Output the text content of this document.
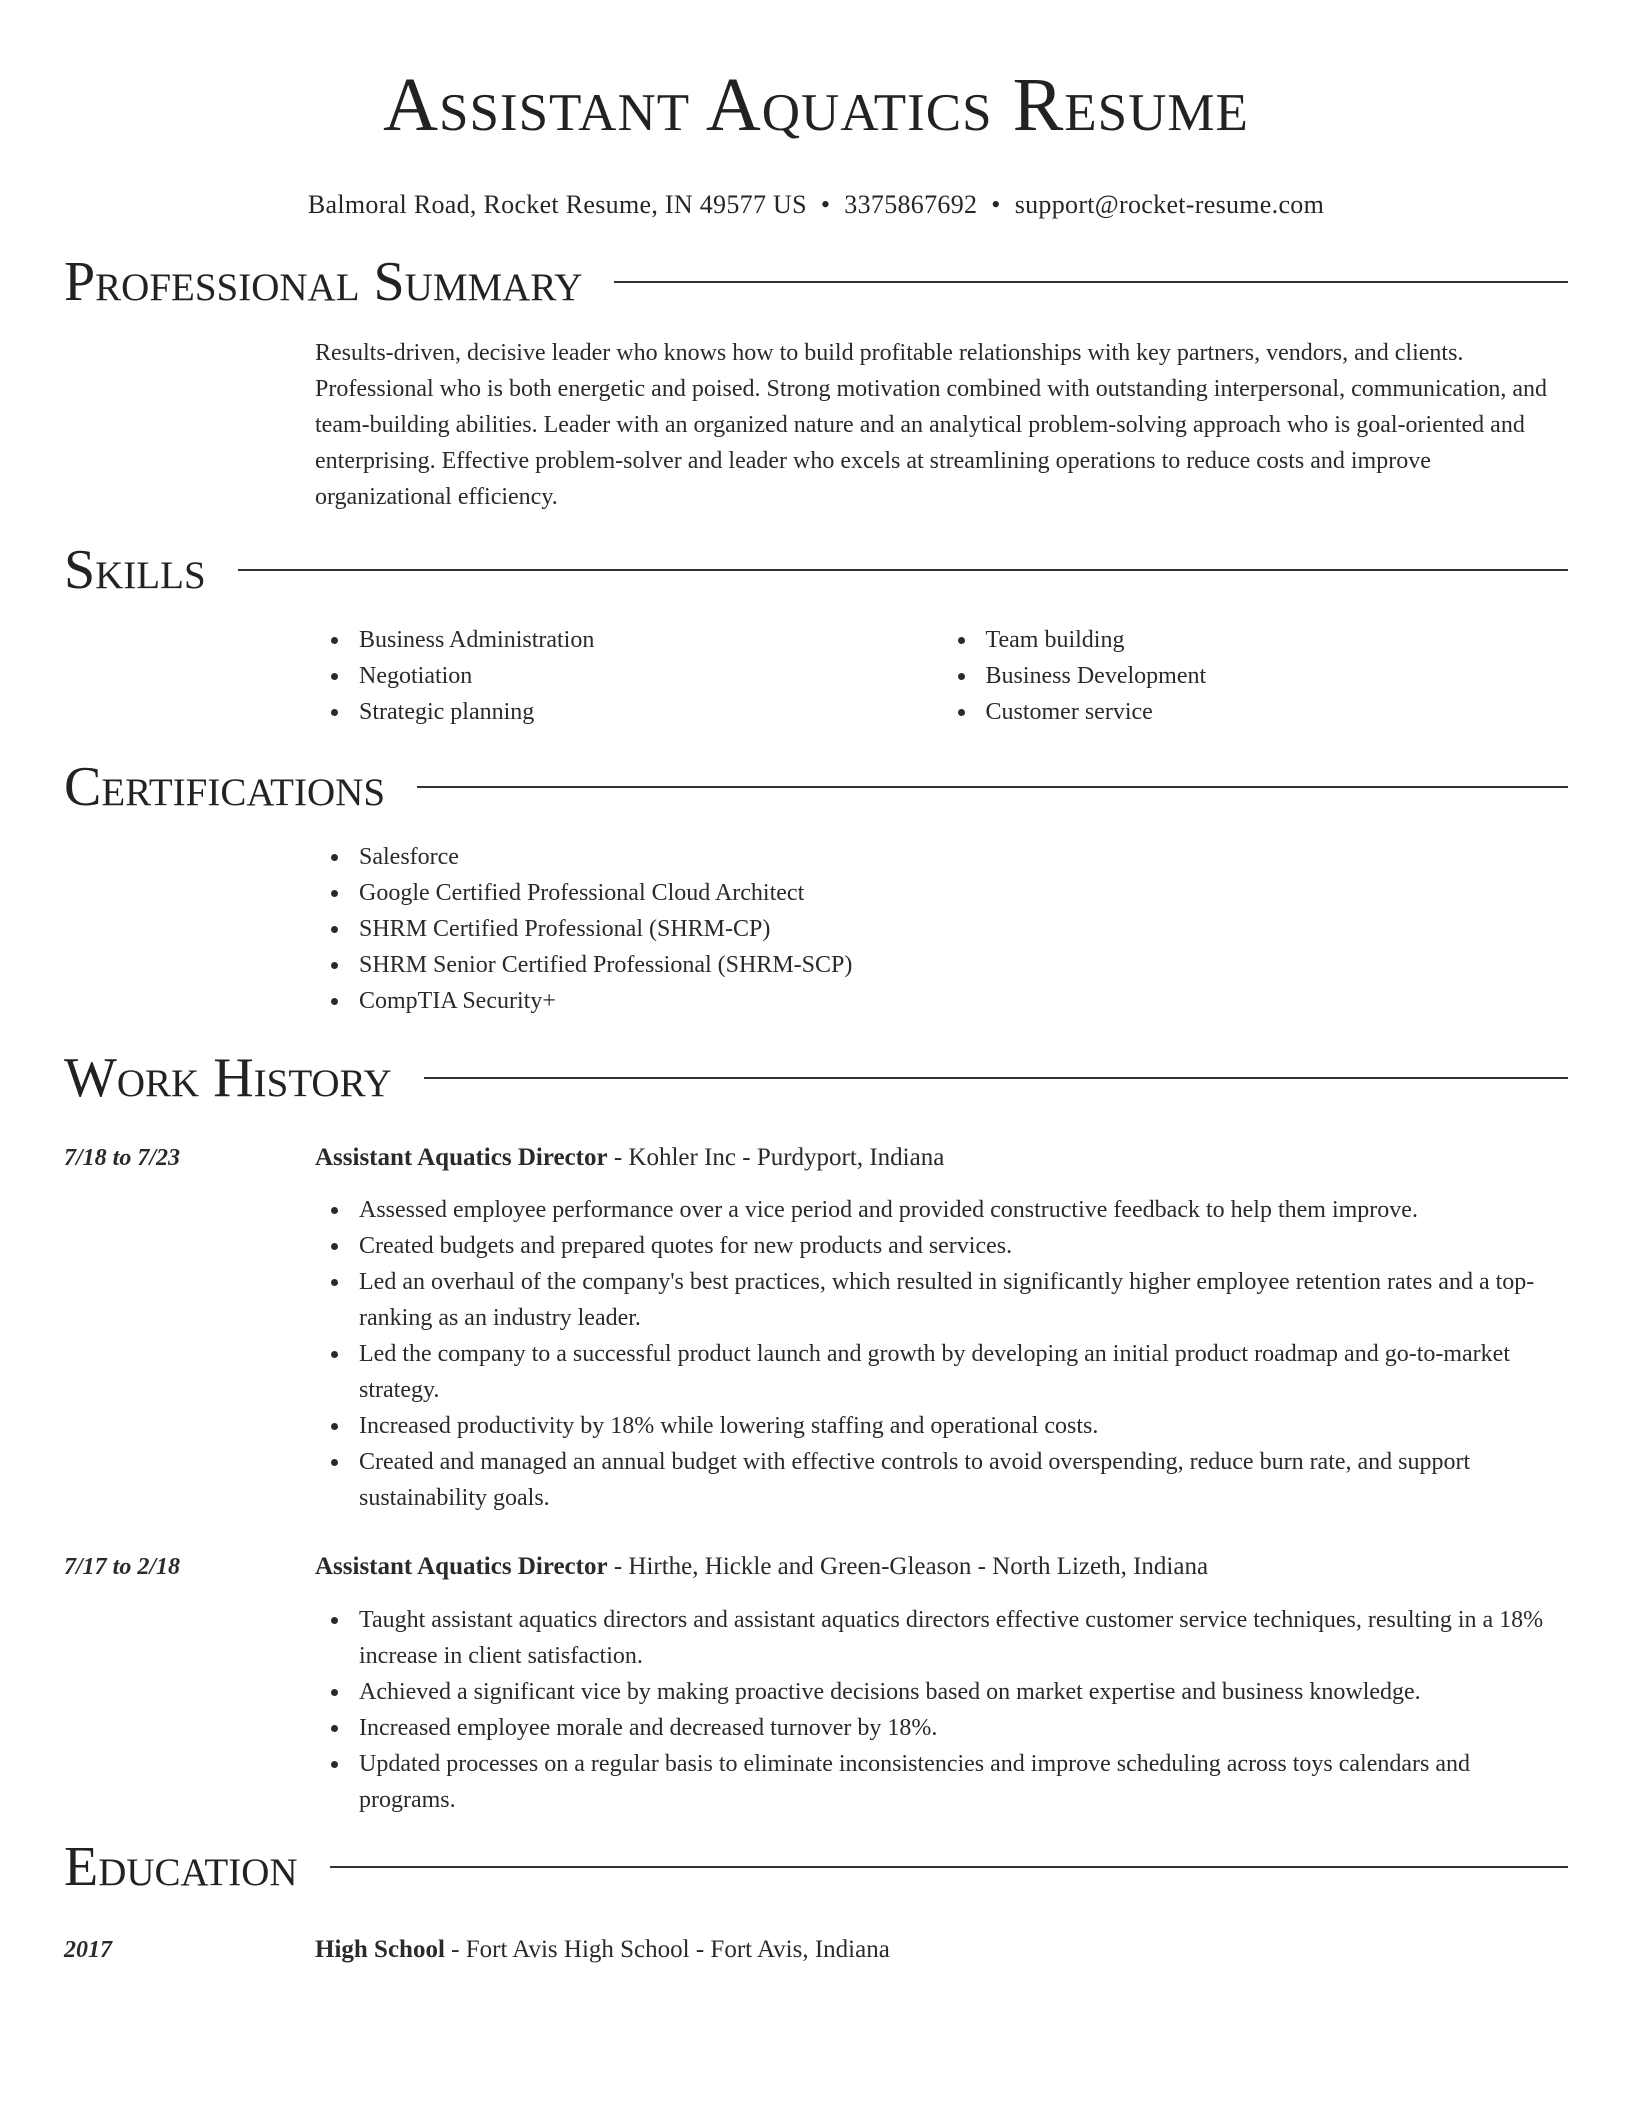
Assistant Aquatics Resume
Balmoral Road, Rocket Resume, IN 49577 US • 3375867692 • support@rocket-resume.com
Professional Summary
Results-driven, decisive leader who knows how to build profitable relationships with key partners, vendors, and clients. Professional who is both energetic and poised. Strong motivation combined with outstanding interpersonal, communication, and team-building abilities. Leader with an organized nature and an analytical problem-solving approach who is goal-oriented and enterprising. Effective problem-solver and leader who excels at streamlining operations to reduce costs and improve organizational efficiency.
Skills
Business Administration
Negotiation
Strategic planning
Team building
Business Development
Customer service
Certifications
Salesforce
Google Certified Professional Cloud Architect
SHRM Certified Professional (SHRM-CP)
SHRM Senior Certified Professional (SHRM-SCP)
CompTIA Security+
Work History
7/18 to 7/23	Assistant Aquatics Director - Kohler Inc - Purdyport, Indiana
Assessed employee performance over a vice period and provided constructive feedback to help them improve.
Created budgets and prepared quotes for new products and services.
Led an overhaul of the company's best practices, which resulted in significantly higher employee retention rates and a top-ranking as an industry leader.
Led the company to a successful product launch and growth by developing an initial product roadmap and go-to-market strategy.
Increased productivity by 18% while lowering staffing and operational costs.
Created and managed an annual budget with effective controls to avoid overspending, reduce burn rate, and support sustainability goals.
7/17 to 2/18	Assistant Aquatics Director - Hirthe, Hickle and Green-Gleason - North Lizeth, Indiana
Taught assistant aquatics directors and assistant aquatics directors effective customer service techniques, resulting in a 18% increase in client satisfaction.
Achieved a significant vice by making proactive decisions based on market expertise and business knowledge.
Increased employee morale and decreased turnover by 18%.
Updated processes on a regular basis to eliminate inconsistencies and improve scheduling across toys calendars and programs.
Education
2017	High School - Fort Avis High School - Fort Avis, Indiana
